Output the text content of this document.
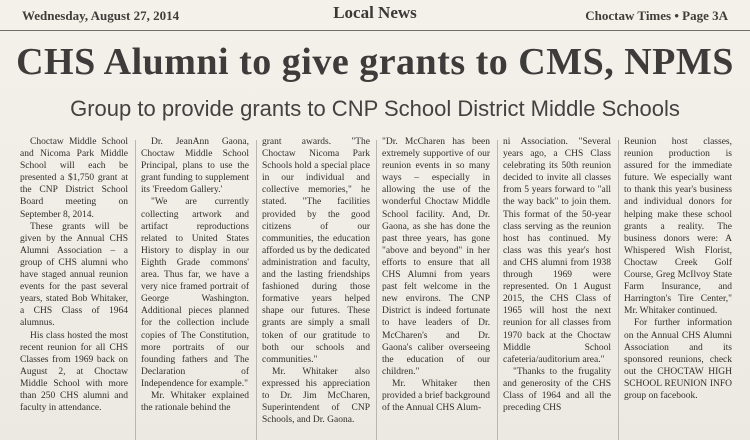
Wednesday, August 27, 2014	Local News	Choctaw Times • Page 3A
CHS Alumni to give grants to CMS, NPMS
Group to provide grants to CNP School District Middle Schools

Choctaw Middle School and Nicoma Park Middle School will each be presented a $1,750 grant at the CNP District School Board meeting on September 8, 2014.

These grants will be given by the Annual CHS Alumni Association – a group of CHS alumni who have staged annual reunion events for the past several years, stated Bob Whitaker, a CHS Class of 1964 alumnus.

His class hosted the most recent reunion for all CHS Classes from 1969 back on August 2, at Choctaw Middle School with more than 250 CHS alumni and faculty in attendance.

Dr. JeanAnn Gaona, Choctaw Middle School Principal, plans to use the grant funding to supplement its 'Freedom Gallery.'

"We are currently collecting artwork and artifact reproductions related to United States History to display in our Eighth Grade commons' area. Thus far, we have a very nice framed portrait of George Washington. Additional pieces planned for the collection include copies of The Constitution, more portraits of our founding fathers and The Declaration of Independence for example."

Mr. Whitaker explained the rationale behind the

grant awards. "The Choctaw Nicoma Park Schools hold a special place in our individual and collective memories," he stated. "The facilities provided by the good citizens of our communities, the education afforded us by the dedicated administration and faculty, and the lasting friendships fashioned during those formative years helped shape our futures. These grants are simply a small token of our gratitude to both our schools and communities."

Mr. Whitaker also expressed his appreciation to Dr. Jim McCharen, Superintendent of CNP Schools, and Dr. Gaona.

"Dr. McCharen has been extremely supportive of our reunion events in so many ways – especially in allowing the use of the wonderful Choctaw Middle School facility. And, Dr. Gaona, as she has done the past three years, has gone "above and beyond" in her efforts to ensure that all CHS Alumni from years past felt welcome in the new environs. The CNP District is indeed fortunate to have leaders of Dr. McCharen's and Dr. Gaona's caliber overseeing the education of our children."

Mr. Whitaker then provided a brief background of the Annual CHS Alum-

ni Association. "Several years ago, a CHS Class celebrating its 50th reunion decided to invite all classes from 5 years forward to "all the way back" to join them. This format of the 50-year class serving as the reunion host has continued. My class was this year's host and CHS alumni from 1938 through 1969 were represented. On 1 August 2015, the CHS Class of 1965 will host the next reunion for all classes from 1970 back at the Choctaw Middle School cafeteria/auditorium area."

"Thanks to the frugality and generosity of the CHS Class of 1964 and all the preceding CHS

Reunion host classes, reunion production is assured for the immediate future. We especially want to thank this year's business and individual donors for helping make these school grants a reality. The business donors were: A Whispered Wish Florist, Choctaw Creek Golf Course, Greg McIlvoy State Farm Insurance, and Harrington's Tire Center," Mr. Whitaker continued.

For further information on the Annual CHS Alumni Association and its sponsored reunions, check out the CHOCTAW HIGH SCHOOL REUNION INFO group on facebook.
